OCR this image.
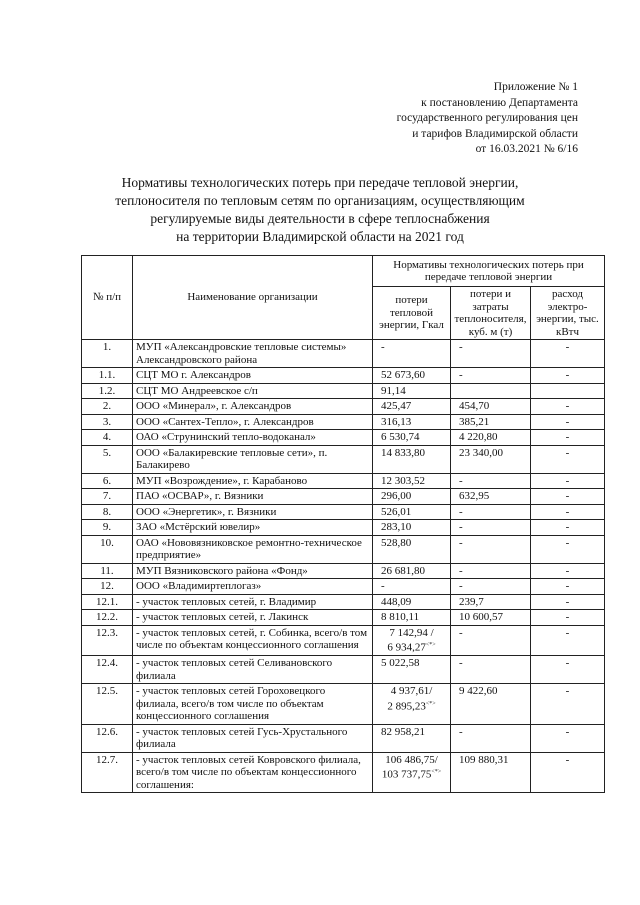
Приложение № 1
к постановлению Департамента
государственного регулирования цен
и тарифов Владимирской области
от 16.03.2021 № 6/16
Нормативы технологических потерь при передаче тепловой энергии,
теплоносителя по тепловым сетям по организациям, осуществляющим
регулируемые виды деятельности в сфере теплоснабжения
на территории Владимирской области на 2021 год
№ п/п	Наименование организации	Нормативы технологических потерь при передаче тепловой энергии		
		потери тепловой энергии, Гкал	потери и затраты теплоносителя, куб. м (т)	расход электро-энергии, тыс. кВтч
1.	МУП «Александровские тепловые системы» Александровского района	-	-	-
1.1.	СЦТ МО г. Александров	52 673,60	-	-
1.2.	СЦТ МО Андреевское с/п	91,14		
2.	ООО «Минерал», г. Александров	425,47	454,70	-
3.	ООО «Сантех-Тепло», г. Александров	316,13	385,21	-
4.	ОАО «Струнинский тепло-водоканал»	6 530,74	4 220,80	-
5.	ООО «Балакиревские тепловые сети», п. Балакирево	14 833,80	23 340,00	-
6.	МУП «Возрождение», г. Карабаново	12 303,52	-	-
7.	ПАО «ОСВАР», г. Вязники	296,00	632,95	-
8.	ООО «Энергетик», г. Вязники	526,01	-	-
9.	ЗАО «Мстёрский ювелир»	283,10	-	-
10.	ОАО «Нововязниковское ремонтно-техническое предприятие»	528,80	-	-
11.	МУП Вязниковского района «Фонд»	26 681,80	-	-
12.	ООО «Владимиртеплогаз»	-	-	-
12.1.	- участок тепловых сетей, г. Владимир	448,09	239,7	-
12.2.	- участок тепловых сетей, г. Лакинск	8 810,11	10 600,57	-
12.3.	- участок тепловых сетей, г. Собинка, всего/в том числе по объектам концессионного соглашения	7 142,94 /
6 934,27<*>	-	-
12.4.	- участок тепловых сетей Селивановского филиала	5 022,58	-	-
12.5.	- участок тепловых сетей Гороховецкого филиала, всего/в том числе по объектам концессионного соглашения	4 937,61/
2 895,23<*>	9 422,60	-
12.6.	- участок тепловых сетей Гусь-Хрустального филиала	82 958,21	-	-
12.7.	- участок тепловых сетей Ковровского филиала, всего/в том числе по объектам концессионного соглашения:	106 486,75/
103 737,75<*>	109 880,31	-
